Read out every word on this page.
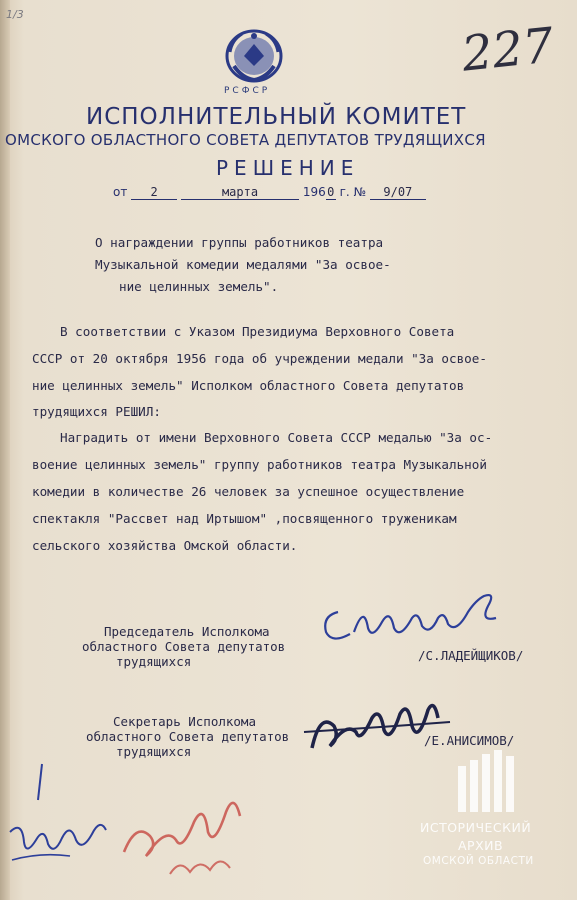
1/3
227
РСФСР
ИСПОЛНИТЕЛЬНЫЙ КОМИТЕТ
ОМСКОГО ОБЛАСТНОГО СОВЕТА ДЕПУТАТОВ ТРУДЯЩИХСЯ
РЕШЕНИЕ
от 2	марта	1960 г. № 9/07
О награждении группы работников театра
Музыкальной комедии медалями "За освое-
ние целинных земель".
В соответствии с Указом Президиума Верховного Совета
СССР от 20 октября 1956 года об учреждении медали "За освое-
ние целинных земель" Исполком областного Совета депутатов
трудящихся РЕШИЛ:
Наградить от имени Верховного Совета СССР медалью "За ос-
воение целинных земель" группу работников театра Музыкальной
комедии в количестве 26 человек за успешное осуществление
спектакля "Рассвет над Иртышом" ,посвященного труженикам
сельского хозяйства Омской области.
Председатель Исполкома
областного Совета депутатов
трудящихся	/С.ЛАДЕЙЩИКОВ/
Секретарь Исполкома
областного Совета депутатов
трудящихся
/Е.АНИСИМОВ/
ИСТОРИЧЕСКИЙ
АРХИВ
ОМСКОЙ ОБЛАСТИ
